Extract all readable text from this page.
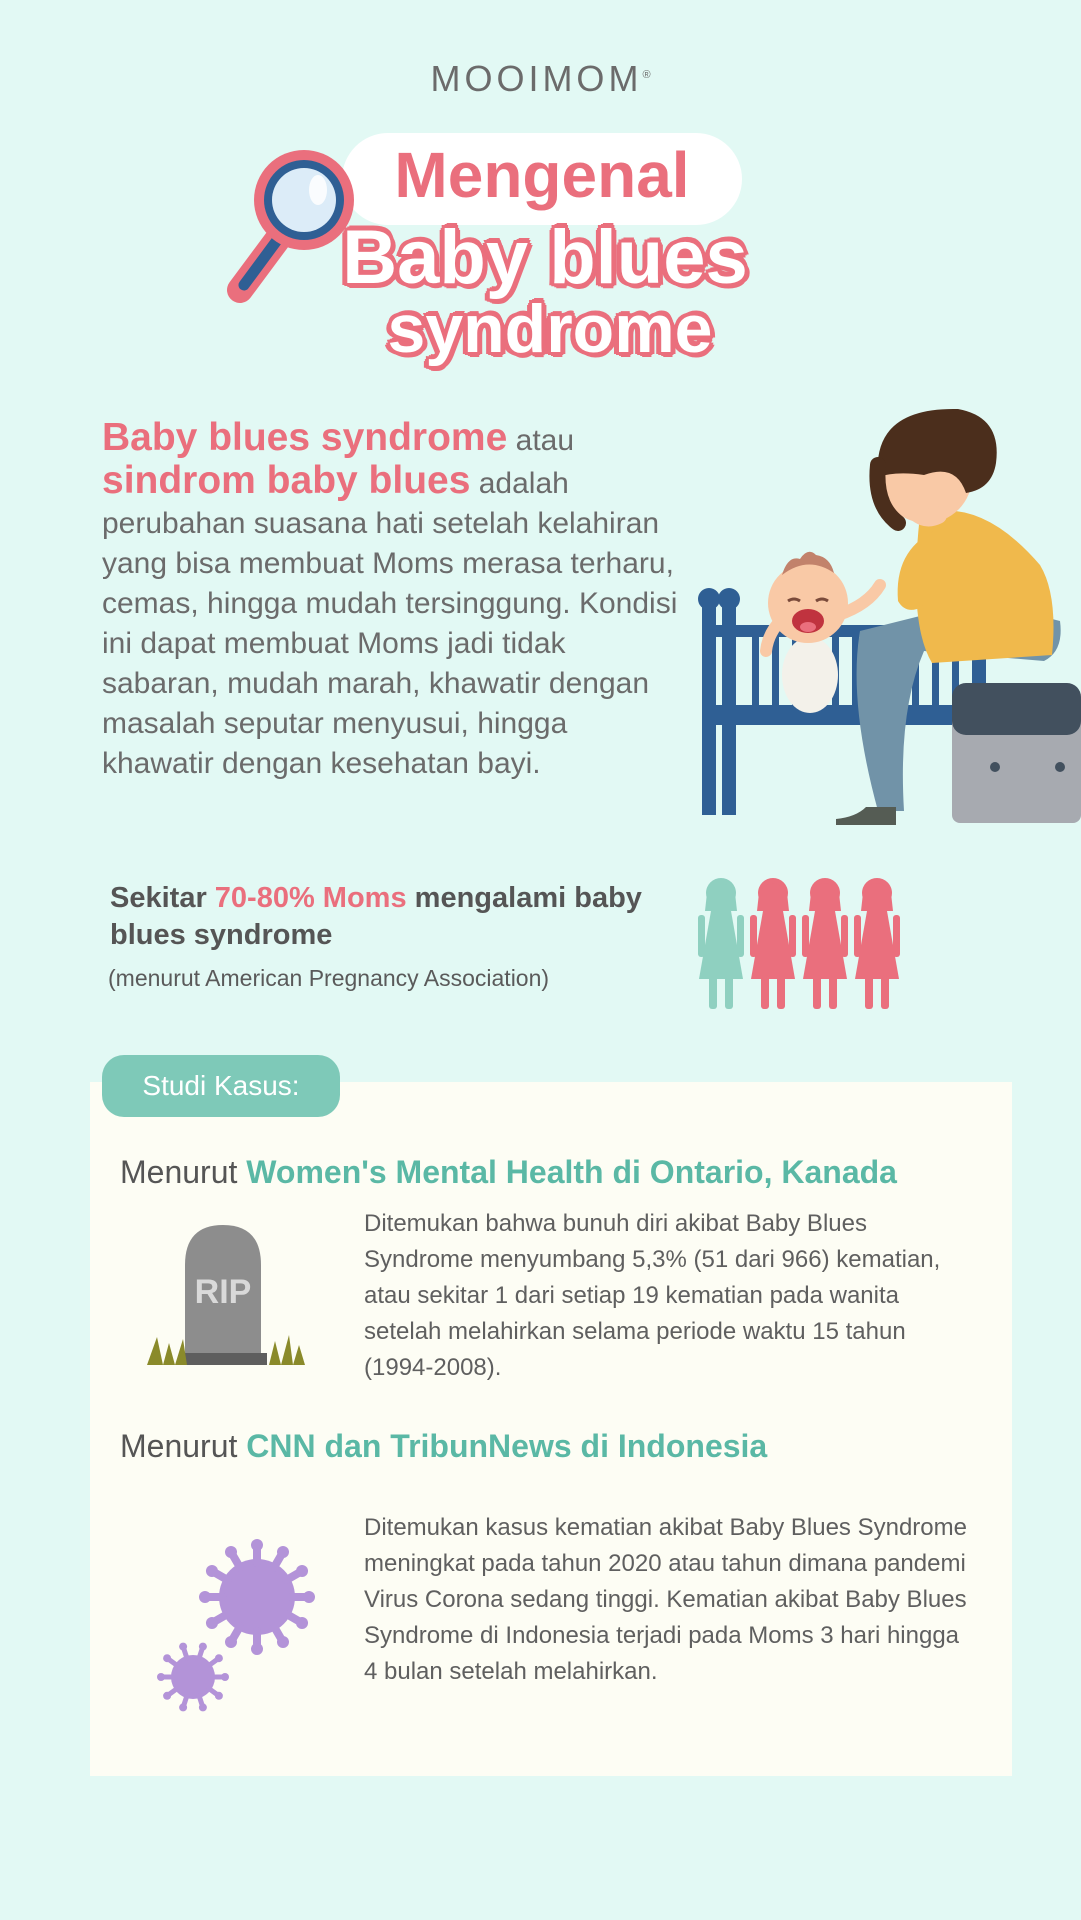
MOOIMOM®
Mengenal
Baby blues
syndrome
Baby blues syndrome atau sindrom baby blues adalah perubahan suasana hati setelah kelahiran yang bisa membuat Moms merasa terharu, cemas, hingga mudah tersinggung. Kondisi ini dapat membuat Moms jadi tidak sabaran, mudah marah, khawatir dengan masalah seputar menyusui, hingga khawatir dengan kesehatan bayi.
Sekitar 70-80% Moms mengalami baby blues syndrome
(menurut American Pregnancy Association)
Studi Kasus:
Menurut Women's Mental Health di Ontario, Kanada
RIP
Ditemukan bahwa bunuh diri akibat Baby Blues Syndrome menyumbang 5,3% (51 dari 966) kematian, atau sekitar 1 dari setiap 19 kematian pada wanita setelah melahirkan selama periode waktu 15 tahun (1994-2008).
Menurut CNN dan TribunNews di Indonesia
Ditemukan kasus kematian akibat Baby Blues Syndrome meningkat pada tahun 2020 atau tahun dimana pandemi Virus Corona sedang tinggi. Kematian akibat Baby Blues Syndrome di Indonesia terjadi pada Moms 3 hari hingga 4 bulan setelah melahirkan.
